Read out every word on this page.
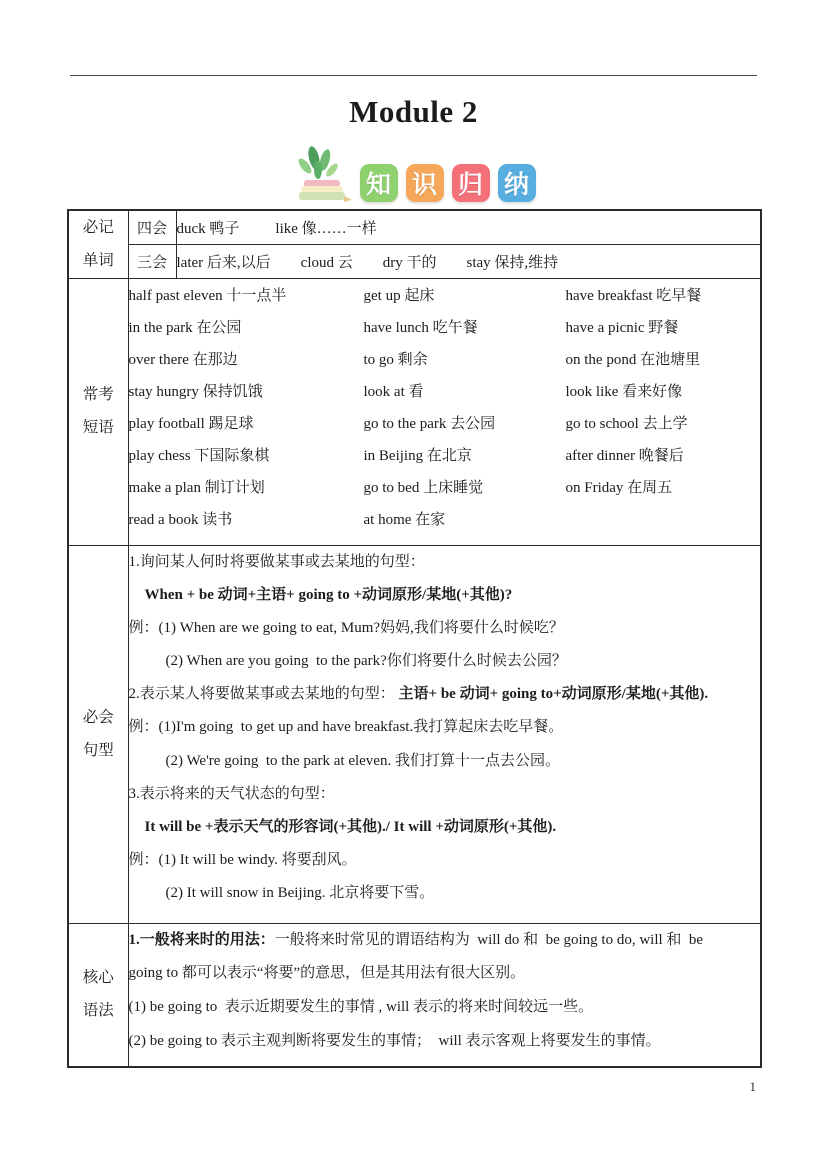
Module 2
知 识 归 纳
必记
单词
	四会	duck 鸭子 like 像……一样

	三会	later 后来,以后 cloud 云 dry 干的 stay 保持,维持

常考
短语

half past eleven 十一点半	get up 起床	have breakfast 吃早餐
in the park 在公园	have lunch 吃午餐	have a picnic 野餐
over there 在那边	to go 剩余	on the pond 在池塘里
stay hungry 保持饥饿	look at 看	look like 看来好像
play football 踢足球	go to the park 去公园	go to school 去上学
play chess 下国际象棋	in Beijing 在北京	after dinner 晚餐后
make a plan 制订计划	go to bed 上床睡觉	on Friday 在周五
read a book 读书	at home 在家

必会
句型

1.询问某人何时将要做某事或去某地的句型：
When + be 动词+主语+ going to +动词原形/某地(+其他)?
例：(1) When are we going to eat, Mum?妈妈,我们将要什么时候吃？
(2) When are you going  to the park?你们将要什么时候去公园？
2.表示某人将要做某事或去某地的句型： 主语+ be 动词+ going to+动词原形/某地(+其他).
例：(1)I'm going  to get up and have breakfast.我打算起床去吃早餐。
(2) We're going  to the park at eleven. 我们打算十一点去公园。
3.表示将来的天气状态的句型：
It will be +表示天气的形容词(+其他)./ It will +动词原形(+其他).
例：(1) It will be windy. 将要刮风。
(2) It will snow in Beijing. 北京将要下雪。

核心
语法

1.一般将来时的用法：一般将来时常见的谓语结构为  will do 和  be going to do, will 和  be
going to 都可以表示“将要”的意思，但是其用法有很大区别。
(1) be going to  表示近期要发生的事情 , will 表示的将来时间较远一些。
(2) be going to 表示主观判断将要发生的事情；  will 表示客观上将要发生的事情。
1
